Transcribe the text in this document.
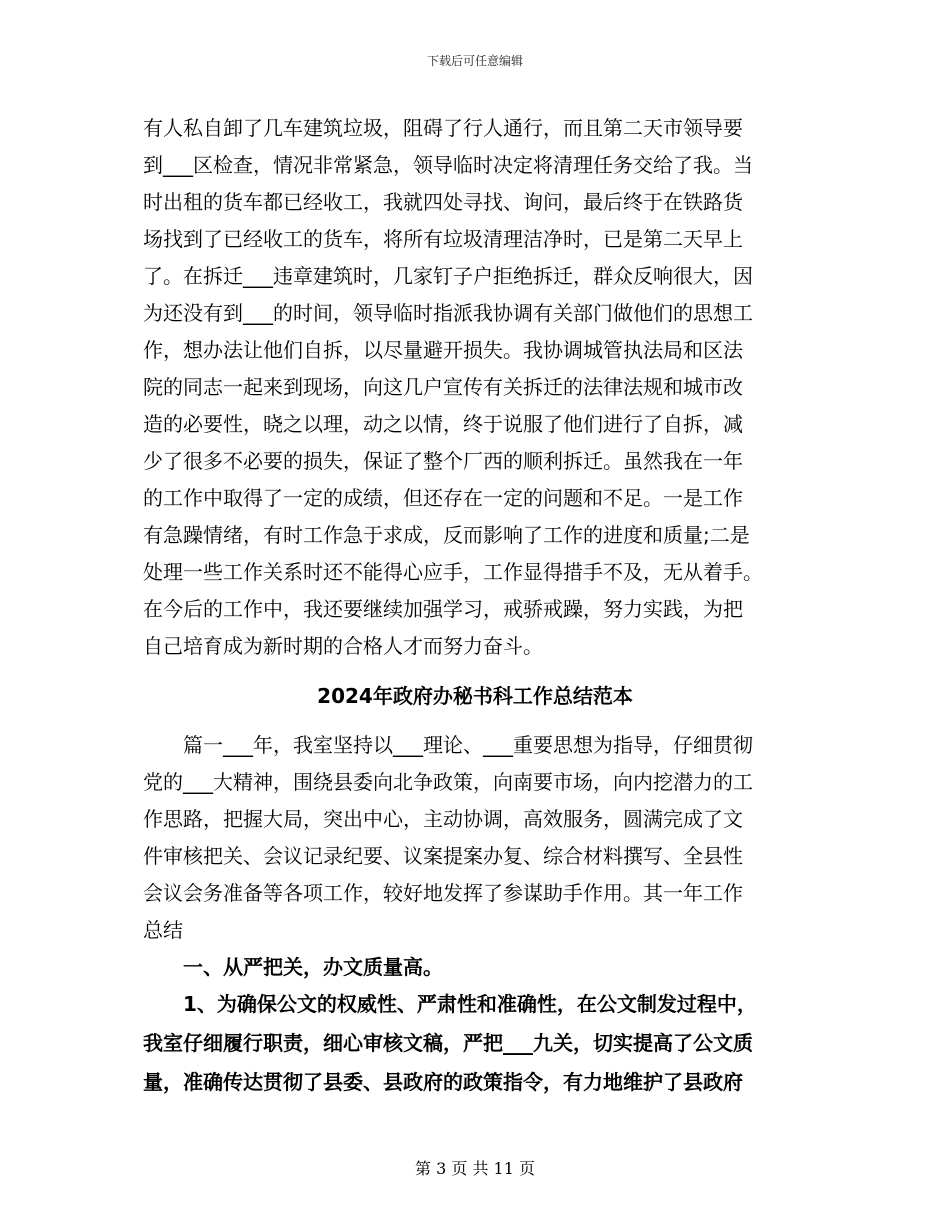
下载后可任意编辑
有人私自卸了几车建筑垃圾，阻碍了行人通行，而且第二天市领导要
到___区检查，情况非常紧急，领导临时决定将清理任务交给了我。当
时出租的货车都已经收工，我就四处寻找、询问，最后终于在铁路货
场找到了已经收工的货车，将所有垃圾清理洁净时，已是第二天早上
了。在拆迁___违章建筑时，几家钉子户拒绝拆迁，群众反响很大，因
为还没有到___的时间，领导临时指派我协调有关部门做他们的思想工
作，想办法让他们自拆，以尽量避开损失。我协调城管执法局和区法
院的同志一起来到现场，向这几户宣传有关拆迁的法律法规和城市改
造的必要性，晓之以理，动之以情，终于说服了他们进行了自拆，减
少了很多不必要的损失，保证了整个厂西的顺利拆迁。虽然我在一年
的工作中取得了一定的成绩，但还存在一定的问题和不足。一是工作
有急躁情绪，有时工作急于求成，反而影响了工作的进度和质量;二是
处理一些工作关系时还不能得心应手，工作显得措手不及，无从着手。
在今后的工作中，我还要继续加强学习，戒骄戒躁，努力实践，为把
自己培育成为新时期的合格人才而努力奋斗。
2024年政府办秘书科工作总结范本
　　篇一___年，我室坚持以___理论、___重要思想为指导，仔细贯彻
党的___大精神，围绕县委向北争政策，向南要市场，向内挖潜力的工
作思路，把握大局，突出中心，主动协调，高效服务，圆满完成了文
件审核把关、会议记录纪要、议案提案办复、综合材料撰写、全县性
会议会务准备等各项工作，较好地发挥了参谋助手作用。其一年工作
总结
　　一、从严把关，办文质量高。
　　1、为确保公文的权威性、严肃性和准确性，在公文制发过程中，
我室仔细履行职责，细心审核文稿，严把___九关，切实提高了公文质
量，准确传达贯彻了县委、县政府的政策指令，有力地维护了县政府
第 3 页 共 11 页
